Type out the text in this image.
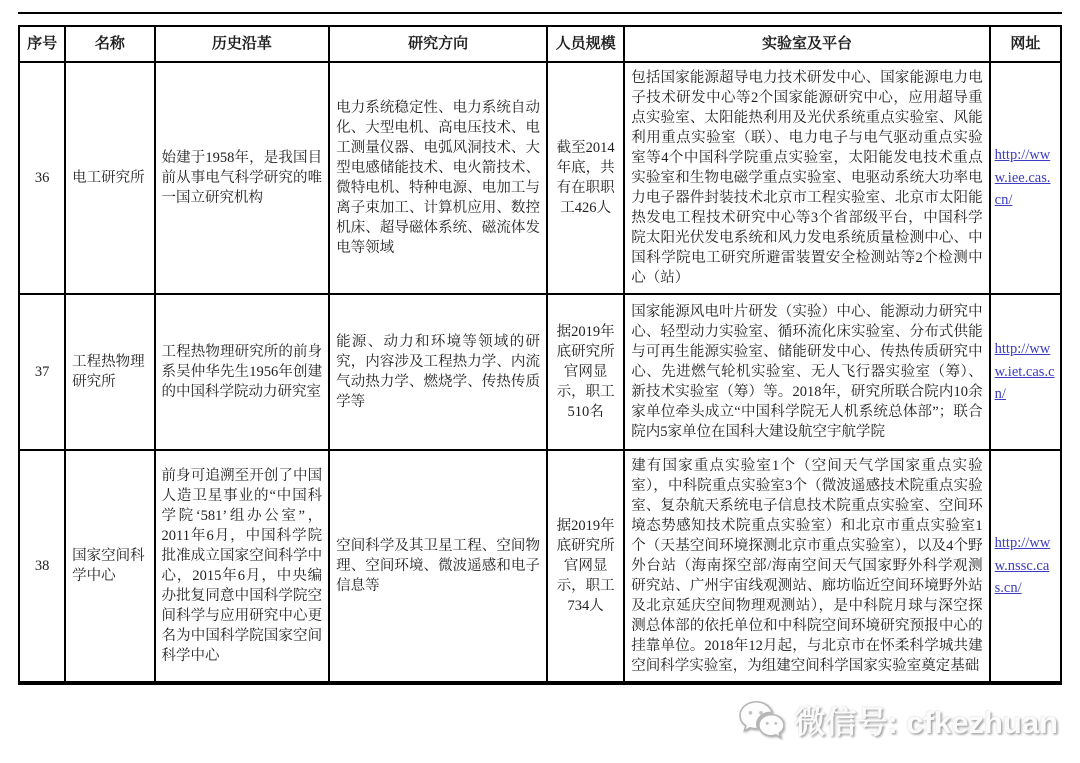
序号	名称	历史沿革	研究方向	人员规模	实验室及平台	网址
36	电工研究所	始建于1958年，是我国目前从事电气科学研究的唯一国立研究机构	电力系统稳定性、电力系统自动化、大型电机、高电压技术、电工测量仪器、电弧风洞技术、大型电感储能技术、电火箭技术、微特电机、特种电源、电加工与离子束加工、计算机应用、数控机床、超导磁体系统、磁流体发电等领域	截至2014年底，共有在职职工426人	包括国家能源超导电力技术研发中心、国家能源电力电子技术研发中心等2个国家能源研究中心，应用超导重点实验室、太阳能热利用及光伏系统重点实验室、风能利用重点实验室（联）、电力电子与电气驱动重点实验室等4个中国科学院重点实验室，太阳能发电技术重点实验室和生物电磁学重点实验室、电驱动系统大功率电力电子器件封装技术北京市工程实验室、北京市太阳能热发电工程技术研究中心等3个省部级平台，中国科学院太阳光伏发电系统和风力发电系统质量检测中心、中国科学院电工研究所避雷装置安全检测站等2个检测中心（站）	http://www.iee.cas.cn/
37	工程热物理研究所	工程热物理研究所的前身系吴仲华先生1956年创建的中国科学院动力研究室	能源、动力和环境等领域的研究，内容涉及工程热力学、内流气动热力学、燃烧学、传热传质学等	据2019年底研究所官网显示，职工510名	国家能源风电叶片研发（实验）中心、能源动力研究中心、轻型动力实验室、循环流化床实验室、分布式供能与可再生能源实验室、储能研发中心、传热传质研究中心、先进燃气轮机实验室、无人飞行器实验室（筹）、新技术实验室（筹）等。2018年，研究所联合院内10余家单位牵头成立“中国科学院无人机系统总体部”；联合院内5家单位在国科大建设航空宇航学院	http://www.iet.cas.cn/
38	国家空间科学中心	前身可追溯至开创了中国人造卫星事业的“中国科学院‘581’组办公室”，2011年6月，中国科学院批准成立国家空间科学中心，2015年6月，中央编办批复同意中国科学院空间科学与应用研究中心更名为中国科学院国家空间科学中心	空间科学及其卫星工程、空间物理、空间环境、微波遥感和电子信息等	据2019年底研究所官网显示，职工734人	建有国家重点实验室1个（空间天气学国家重点实验室），中科院重点实验室3个（微波遥感技术院重点实验室、复杂航天系统电子信息技术院重点实验室、空间环境态势感知技术院重点实验室）和北京市重点实验室1个（天基空间环境探测北京市重点实验室），以及4个野外台站（海南探空部/海南空间天气国家野外科学观测研究站、广州宇宙线观测站、廊坊临近空间环境野外站及北京延庆空间物理观测站），是中科院月球与深空探测总体部的依托单位和中科院空间环境研究预报中心的挂靠单位。2018年12月起，与北京市在怀柔科学城共建空间科学实验室，为组建空间科学国家实验室奠定基础	http://www.nssc.cas.cn/
微信号: cfkezhuan
